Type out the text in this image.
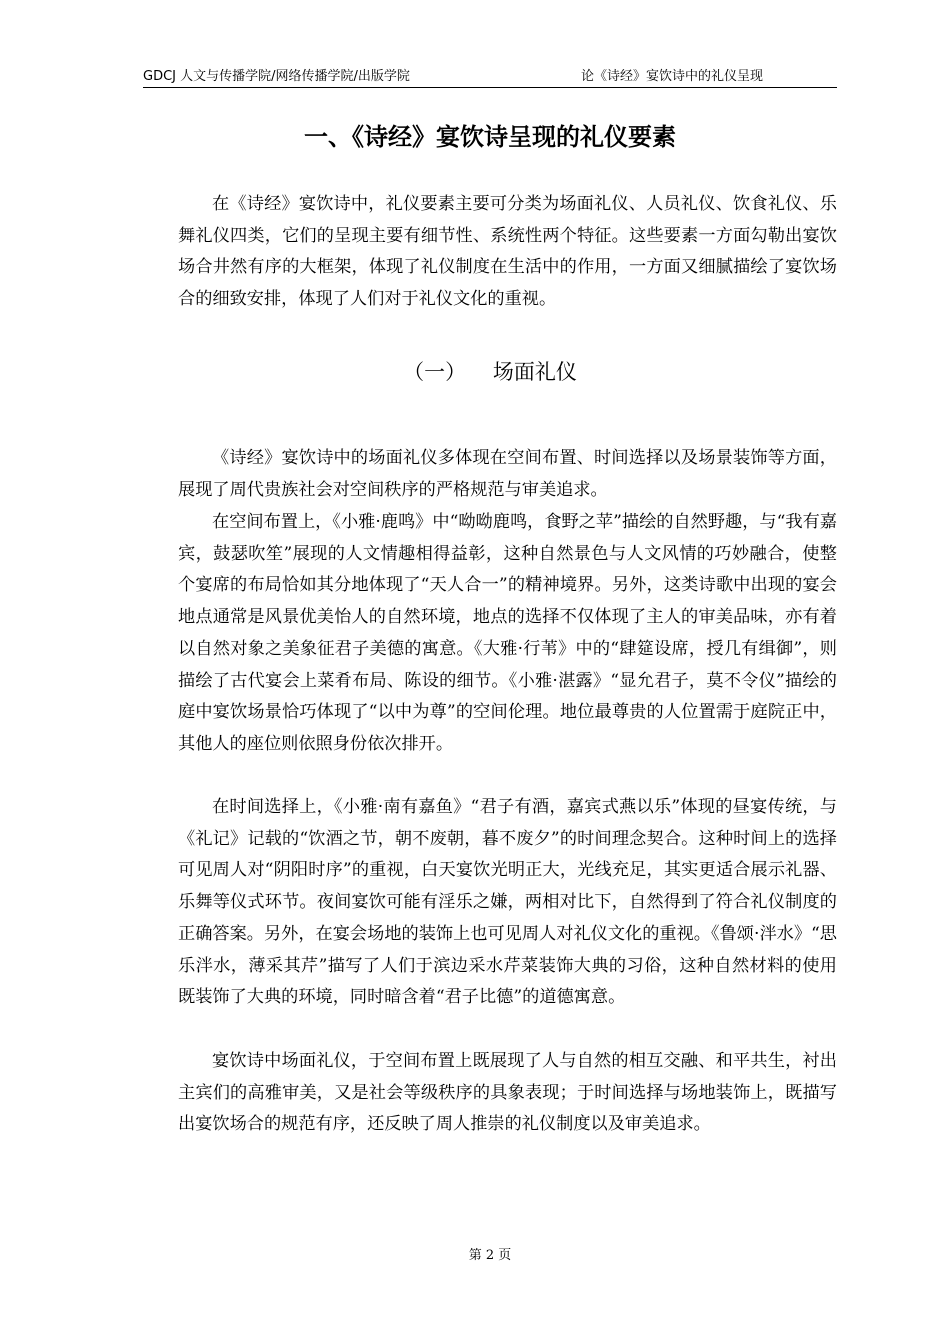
GDCJ 人文与传播学院/网络传播学院/出版学院	论《诗经》宴饮诗中的礼仪呈现
一、《诗经》宴饮诗呈现的礼仪要素

在《诗经》宴饮诗中，礼仪要素主要可分类为场面礼仪、人员礼仪、饮食礼仪、乐舞礼仪四类，它们的呈现主要有细节性、系统性两个特征。这些要素一方面勾勒出宴饮场合井然有序的大框架，体现了礼仪制度在生活中的作用，一方面又细腻描绘了宴饮场合的细致安排，体现了人们对于礼仪文化的重视。

（一）    场面礼仪

《诗经》宴饮诗中的场面礼仪多体现在空间布置、时间选择以及场景装饰等方面，展现了周代贵族社会对空间秩序的严格规范与审美追求。

在空间布置上，《小雅·鹿鸣》中“呦呦鹿鸣，食野之苹”描绘的自然野趣，与“我有嘉宾，鼓瑟吹笙”展现的人文情趣相得益彰，这种自然景色与人文风情的巧妙融合，使整个宴席的布局恰如其分地体现了“天人合一”的精神境界。另外，这类诗歌中出现的宴会地点通常是风景优美怡人的自然环境，地点的选择不仅体现了主人的审美品味，亦有着以自然对象之美象征君子美德的寓意。《大雅·行苇》中的“肆筵设席，授几有缉御”，则描绘了古代宴会上菜肴布局、陈设的细节。《小雅·湛露》“显允君子，莫不令仪”描绘的庭中宴饮场景恰巧体现了“以中为尊”的空间伦理。地位最尊贵的人位置需于庭院正中，其他人的座位则依照身份依次排开。

在时间选择上，《小雅·南有嘉鱼》“君子有酒，嘉宾式燕以乐”体现的昼宴传统，与《礼记》记载的“饮酒之节，朝不废朝，暮不废夕”的时间理念契合。这种时间上的选择可见周人对“阴阳时序”的重视，白天宴饮光明正大，光线充足，其实更适合展示礼器、乐舞等仪式环节。夜间宴饮可能有淫乐之嫌，两相对比下，自然得到了符合礼仪制度的正确答案。另外，在宴会场地的装饰上也可见周人对礼仪文化的重视。《鲁颂·泮水》“思乐泮水，薄采其芹”描写了人们于滨边采水芹菜装饰大典的习俗，这种自然材料的使用既装饰了大典的环境，同时暗含着“君子比德”的道德寓意。

宴饮诗中场面礼仪，于空间布置上既展现了人与自然的相互交融、和平共生，衬出主宾们的高雅审美，又是社会等级秩序的具象表现；于时间选择与场地装饰上，既描写出宴饮场合的规范有序，还反映了周人推崇的礼仪制度以及审美追求。

第 2 页
